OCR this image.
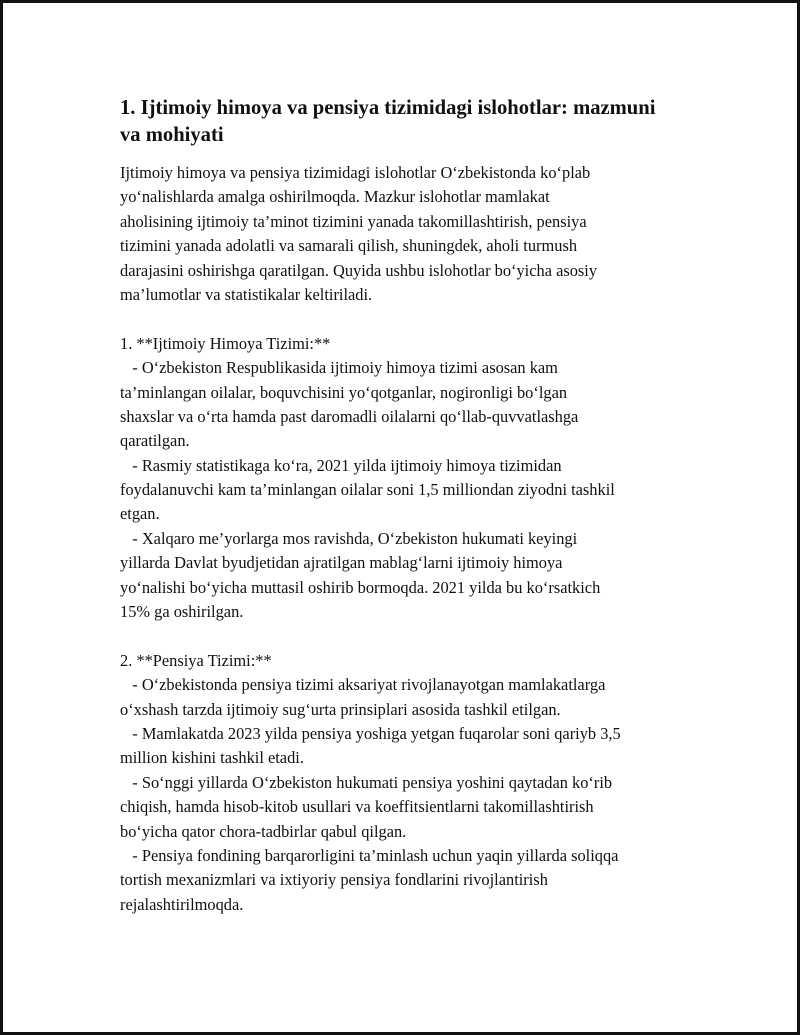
1. Ijtimoiy himoya va pensiya tizimidagi islohotlar: mazmuni
va mohiyati
Ijtimoiy himoya va pensiya tizimidagi islohotlar O‘zbekistonda ko‘plab
yo‘nalishlarda amalga oshirilmoqda. Mazkur islohotlar mamlakat
aholisining ijtimoiy ta’minot tizimini yanada takomillashtirish, pensiya
tizimini yanada adolatli va samarali qilish, shuningdek, aholi turmush
darajasini oshirishga qaratilgan. Quyida ushbu islohotlar bo‘yicha asosiy
ma’lumotlar va statistikalar keltiriladi.
1. **Ijtimoiy Himoya Tizimi:**
- O‘zbekiston Respublikasida ijtimoiy himoya tizimi asosan kam
ta’minlangan oilalar, boquvchisini yo‘qotganlar, nogironligi bo‘lgan
shaxslar va o‘rta hamda past daromadli oilalarni qo‘llab-quvvatlashga
qaratilgan.
- Rasmiy statistikaga ko‘ra, 2021 yilda ijtimoiy himoya tizimidan
foydalanuvchi kam ta’minlangan oilalar soni 1,5 milliondan ziyodni tashkil
etgan.
- Xalqaro me’yorlarga mos ravishda, O‘zbekiston hukumati keyingi
yillarda Davlat byudjetidan ajratilgan mablag‘larni ijtimoiy himoya
yo‘nalishi bo‘yicha muttasil oshirib bormoqda. 2021 yilda bu ko‘rsatkich
15% ga oshirilgan.
2. **Pensiya Tizimi:**
- O‘zbekistonda pensiya tizimi aksariyat rivojlanayotgan mamlakatlarga
o‘xshash tarzda ijtimoiy sug‘urta prinsiplari asosida tashkil etilgan.
- Mamlakatda 2023 yilda pensiya yoshiga yetgan fuqarolar soni qariyb 3,5
million kishini tashkil etadi.
- So‘nggi yillarda O‘zbekiston hukumati pensiya yoshini qaytadan ko‘rib
chiqish, hamda hisob-kitob usullari va koeffitsientlarni takomillashtirish
bo‘yicha qator chora-tadbirlar qabul qilgan.
- Pensiya fondining barqarorligini ta’minlash uchun yaqin yillarda soliqqa
tortish mexanizmlari va ixtiyoriy pensiya fondlarini rivojlantirish
rejalashtirilmoqda.
